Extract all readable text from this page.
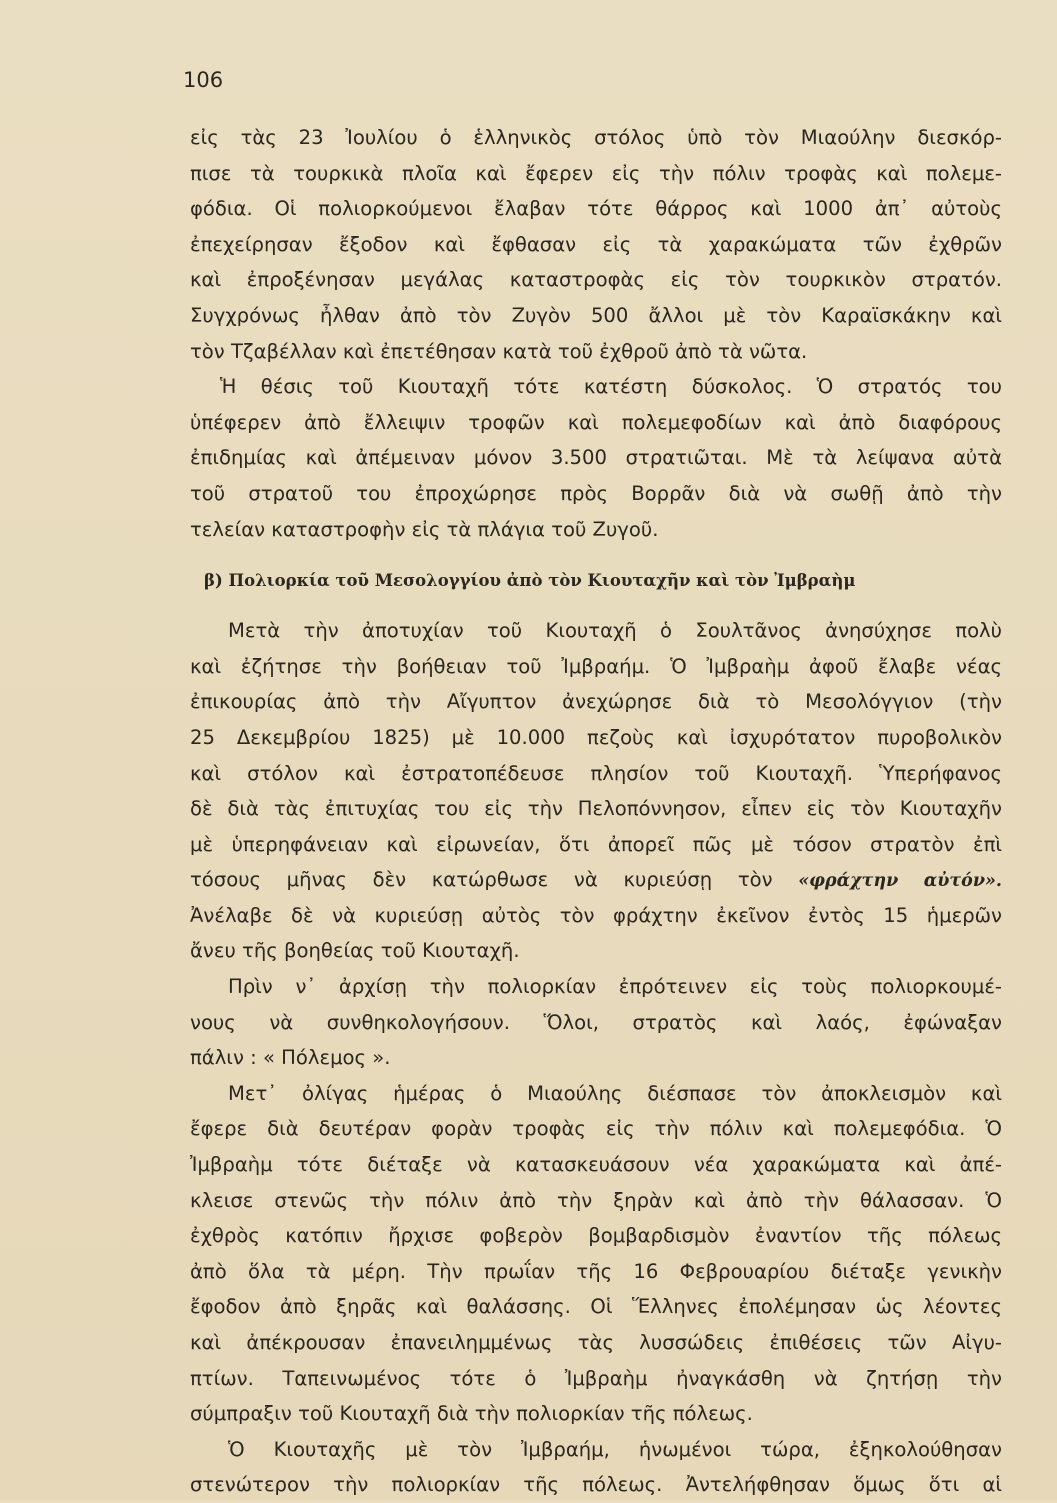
106
εἰς τὰς 23 Ἰουλίου ὁ ἑλληνικὸς στόλος ὑπὸ τὸν Μιαούλην διεσκόρ-
πισε τὰ τουρκικὰ πλοῖα καὶ ἔφερεν εἰς τὴν πόλιν τροφὰς καὶ πολεμε-
φόδια. Οἱ πολιορκούμενοι ἔλαβαν τότε θάρρος καὶ 1000 ἀπ᾿ αὐτοὺς
ἐπεχείρησαν ἔξοδον καὶ ἔφθασαν εἰς τὰ χαρακώματα τῶν ἐχθρῶν
καὶ ἐπροξένησαν μεγάλας καταστροφὰς εἰς τὸν τουρκικὸν στρατόν.
Συγχρόνως ἦλθαν ἀπὸ τὸν Ζυγὸν 500 ἄλλοι μὲ τὸν Καραϊσκάκην καὶ
τὸν Τζαβέλλαν καὶ ἐπετέθησαν κατὰ τοῦ ἐχθροῦ ἀπὸ τὰ νῶτα.
Ἡ θέσις τοῦ Κιουταχῆ τότε κατέστη δύσκολος. Ὁ στρατός του
ὑπέφερεν ἀπὸ ἔλλειψιν τροφῶν καὶ πολεμεφοδίων καὶ ἀπὸ διαφόρους
ἐπιδημίας καὶ ἀπέμειναν μόνον 3.500 στρατιῶται. Μὲ τὰ λείψανα αὐτὰ
τοῦ στρατοῦ του ἐπροχώρησε πρὸς Βορρᾶν διὰ νὰ σωθῇ ἀπὸ τὴν
τελείαν καταστροφὴν εἰς τὰ πλάγια τοῦ Ζυγοῦ.
β) Πολιορκία τοῦ Μεσολογγίου ἀπὸ τὸν Κιουταχῆν καὶ τὸν Ἰμβραὴμ
Μετὰ τὴν ἀποτυχίαν τοῦ Κιουταχῆ ὁ Σουλτᾶνος ἀνησύχησε πολὺ
καὶ ἐζήτησε τὴν βοήθειαν τοῦ Ἰμβραήμ. Ὁ Ἰμβραὴμ ἀφοῦ ἔλαβε νέας
ἐπικουρίας ἀπὸ τὴν Αἴγυπτον ἀνεχώρησε διὰ τὸ Μεσολόγγιον (τὴν
25 Δεκεμβρίου 1825) μὲ 10.000 πεζοὺς καὶ ἰσχυρότατον πυροβολικὸν
καὶ στόλον καὶ ἐστρατοπέδευσε πλησίον τοῦ Κιουταχῆ. Ὑπερήφανος
δὲ διὰ τὰς ἐπιτυχίας του εἰς τὴν Πελοπόννησον, εἶπεν εἰς τὸν Κιουταχῆν
μὲ ὑπερηφάνειαν καὶ εἰρωνείαν, ὅτι ἀπορεῖ πῶς μὲ τόσον στρατὸν ἐπὶ
τόσους μῆνας δὲν κατώρθωσε νὰ κυριεύσῃ τὸν «φράχτην αὐτόν».
Ἀνέλαβε δὲ νὰ κυριεύσῃ αὐτὸς τὸν φράχτην ἐκεῖνον ἐντὸς 15 ἡμερῶν
ἄνευ τῆς βοηθείας τοῦ Κιουταχῆ.
Πρὶν ν᾿ ἀρχίσῃ τὴν πολιορκίαν ἐπρότεινεν εἰς τοὺς πολιορκουμέ-
νους νὰ συνθηκολογήσουν. Ὅλοι, στρατὸς καὶ λαός, ἐφώναξαν
πάλιν : « Πόλεμος ».
Μετ᾿ ὀλίγας ἡμέρας ὁ Μιαούλης διέσπασε τὸν ἀποκλεισμὸν καὶ
ἔφερε διὰ δευτέραν φορὰν τροφὰς εἰς τὴν πόλιν καὶ πολεμεφόδια. Ὁ
Ἰμβραὴμ τότε διέταξε νὰ κατασκευάσουν νέα χαρακώματα καὶ ἀπέ-
κλεισε στενῶς τὴν πόλιν ἀπὸ τὴν ξηρὰν καὶ ἀπὸ τὴν θάλασσαν. Ὁ
ἐχθρὸς κατόπιν ἤρχισε φοβερὸν βομβαρδισμὸν ἐναντίον τῆς πόλεως
ἀπὸ ὅλα τὰ μέρη. Τὴν πρωΐαν τῆς 16 Φεβρουαρίου διέταξε γενικὴν
ἔφοδον ἀπὸ ξηρᾶς καὶ θαλάσσης. Οἱ Ἕλληνες ἐπολέμησαν ὡς λέοντες
καὶ ἀπέκρουσαν ἐπανειλημμένως τὰς λυσσώδεις ἐπιθέσεις τῶν Αἰγυ-
πτίων. Ταπεινωμένος τότε ὁ Ἰμβραὴμ ἠναγκάσθη νὰ ζητήσῃ τὴν
σύμπραξιν τοῦ Κιουταχῆ διὰ τὴν πολιορκίαν τῆς πόλεως.
Ὁ Κιουταχῆς μὲ τὸν Ἰμβραήμ, ἡνωμένοι τώρα, ἐξηκολούθησαν
στενώτερον τὴν πολιορκίαν τῆς πόλεως. Ἀντελήφθησαν ὅμως ὅτι αἱ
